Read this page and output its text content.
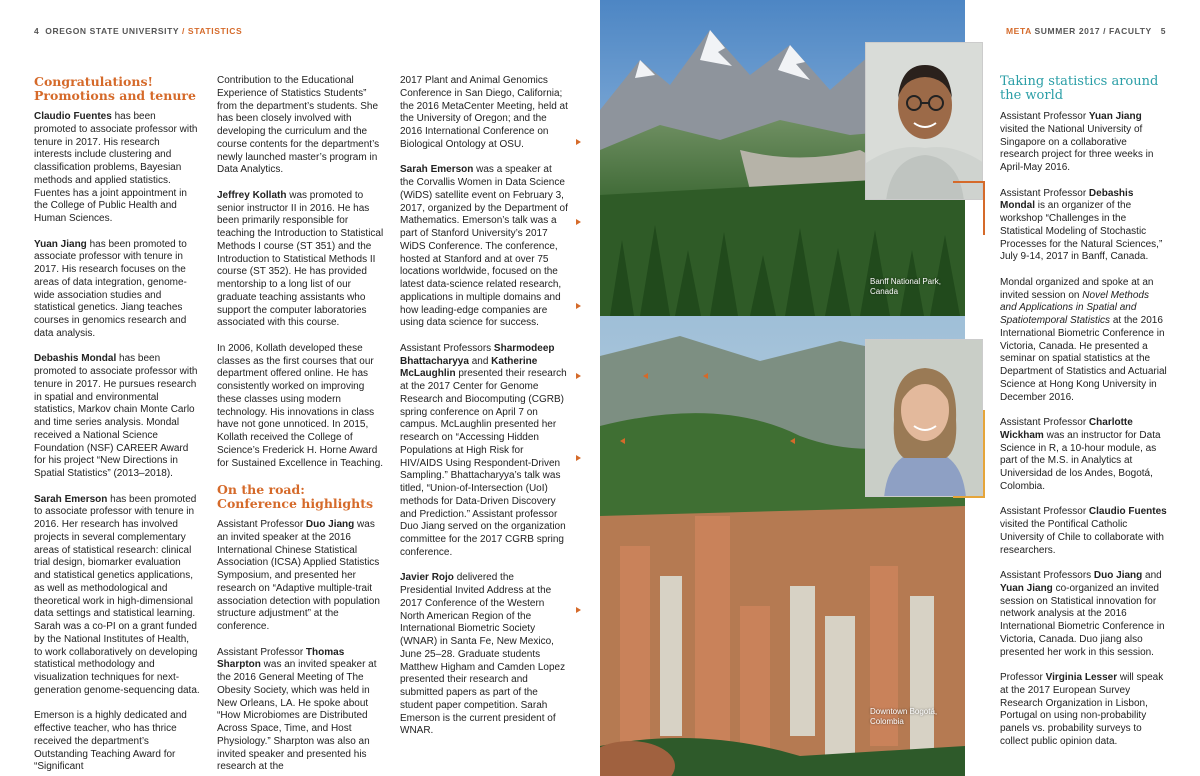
4 OREGON STATE UNIVERSITY / STATISTICS	META SUMMER 2017 / FACULTY 5
Congratulations!
Promotions and tenure

Claudio Fuentes has been promoted to associate professor with tenure in 2017. His research interests include clustering and classification problems, Bayesian methods and applied statistics. Fuentes has a joint appointment in the College of Public Health and Human Sciences.

Yuan Jiang has been promoted to associate professor with tenure in 2017. His research focuses on the areas of data integration, genome-wide association studies and statistical genetics. Jiang teaches courses in genomics research and data analysis.

Debashis Mondal has been promoted to associate professor with tenure in 2017. He pursues research in spatial and environmental statistics, Markov chain Monte Carlo and time series analysis. Mondal received a National Science Foundation (NSF) CAREER Award for his project “New Directions in Spatial Statistics” (2013–2018).

Sarah Emerson has been promoted to associate professor with tenure in 2016. Her research has involved projects in several complementary areas of statistical research: clinical trial design, biomarker evaluation and statistical genetics applications, as well as methodological and theoretical work in high-dimensional data settings and statistical learning. Sarah was a co-PI on a grant funded by the National Institutes of Health, to work collaboratively on developing statistical methodology and visualization techniques for next-generation genome-sequencing data.

Emerson is a highly dedicated and effective teacher, who has thrice received the department’s Outstanding Teaching Award for “Significant

Contribution to the Educational Experience of Statistics Students” from the department’s students. She has been closely involved with developing the curriculum and the course contents for the department’s newly launched master’s program in Data Analytics.

Jeffrey Kollath was promoted to senior instructor II in 2016. He has been primarily responsible for teaching the Introduction to Statistical Methods I course (ST 351) and the Introduction to Statistical Methods II course (ST 352). He has provided mentorship to a long list of our graduate teaching assistants who support the computer laboratories associated with this course.

In 2006, Kollath developed these classes as the first courses that our department offered online. He has consistently worked on improving these classes using modern technology. His innovations in class have not gone unnoticed. In 2015, Kollath received the College of Science’s Frederick H. Horne Award for Sustained Excellence in Teaching.

On the road:
Conference highlights

Assistant Professor Duo Jiang was an invited speaker at the 2016 International Chinese Statistical Association (ICSA) Applied Statistics Symposium, and presented her research on “Adaptive multiple-trait association detection with population structure adjustment” at the conference.

Assistant Professor Thomas Sharpton was an invited speaker at the 2016 General Meeting of The Obesity Society, which was held in New Orleans, LA. He spoke about “How Microbiomes are Distributed Across Space, Time, and Host Physiology.” Sharpton was also an invited speaker and presented his research at the

2017 Plant and Animal Genomics Conference in San Diego, California; the 2016 MetaCenter Meeting, held at the University of Oregon; and the 2016 International Conference on Biological Ontology at OSU.

Sarah Emerson was a speaker at the Corvallis Women in Data Science (WiDS) satellite event on February 3, 2017, organized by the Department of Mathematics. Emerson’s talk was a part of Stanford University’s 2017 WiDS Conference. The conference, hosted at Stanford and at over 75 locations worldwide, focused on the latest data-science related research, applications in multiple domains and how leading-edge companies are using data science for success.

Assistant Professors Sharmodeep Bhattacharyya and Katherine McLaughlin presented their research at the 2017 Center for Genome Research and Biocomputing (CGRB) spring conference on April 7 on campus. McLaughlin presented her research on “Accessing Hidden Populations at High Risk for HIV/AIDS Using Respondent-Driven Sampling.” Bhattacharyya’s talk was titled, “Union-of-Intersection (UoI) methods for Data-Driven Discovery and Prediction.” Assistant professor Duo Jiang served on the organization committee for the 2017 CGRB spring conference.

Javier Rojo delivered the Presidential Invited Address at the 2017 Conference of the Western North American Region of the International Biometric Society (WNAR) in Santa Fe, New Mexico, June 25–28. Graduate students Matthew Higham and Camden Lopez presented their research and submitted papers as part of the student paper competition. Sarah Emerson is the current president of WNAR.

Banff National Park,
Canada
Downtown Bogotá,
Colombia
Taking statistics around
the world

Assistant Professor Yuan Jiang visited the National University of Singapore on a collaborative research project for three weeks in April-May 2016.

Assistant Professor Debashis Mondal is an organizer of the workshop “Challenges in the Statistical Modeling of Stochastic Processes for the Natural Sciences,” July 9-14, 2017 in Banff, Canada.

Mondal organized and spoke at an invited session on Novel Methods and Applications in Spatial and Spatiotemporal Statistics at the 2016 International Biometric Conference in Victoria, Canada. He presented a seminar on spatial statistics at the Department of Statistics and Actuarial Science at Hong Kong University in December 2016.

Assistant Professor Charlotte Wickham was an instructor for Data Science in R, a 10-hour module, as part of the M.S. in Analytics at Universidad de los Andes, Bogotá, Colombia.

Assistant Professor Claudio Fuentes visited the Pontifical Catholic University of Chile to collaborate with researchers.

Assistant Professors Duo Jiang and Yuan Jiang co-organized an invited session on Statistical innovation for network analysis at the 2016 International Biometric Conference in Victoria, Canada. Duo jiang also presented her work in this session.

Professor Virginia Lesser will speak at the 2017 European Survey Research Organization in Lisbon, Portugal on using non-probability panels vs. probability surveys to collect public opinion data.
